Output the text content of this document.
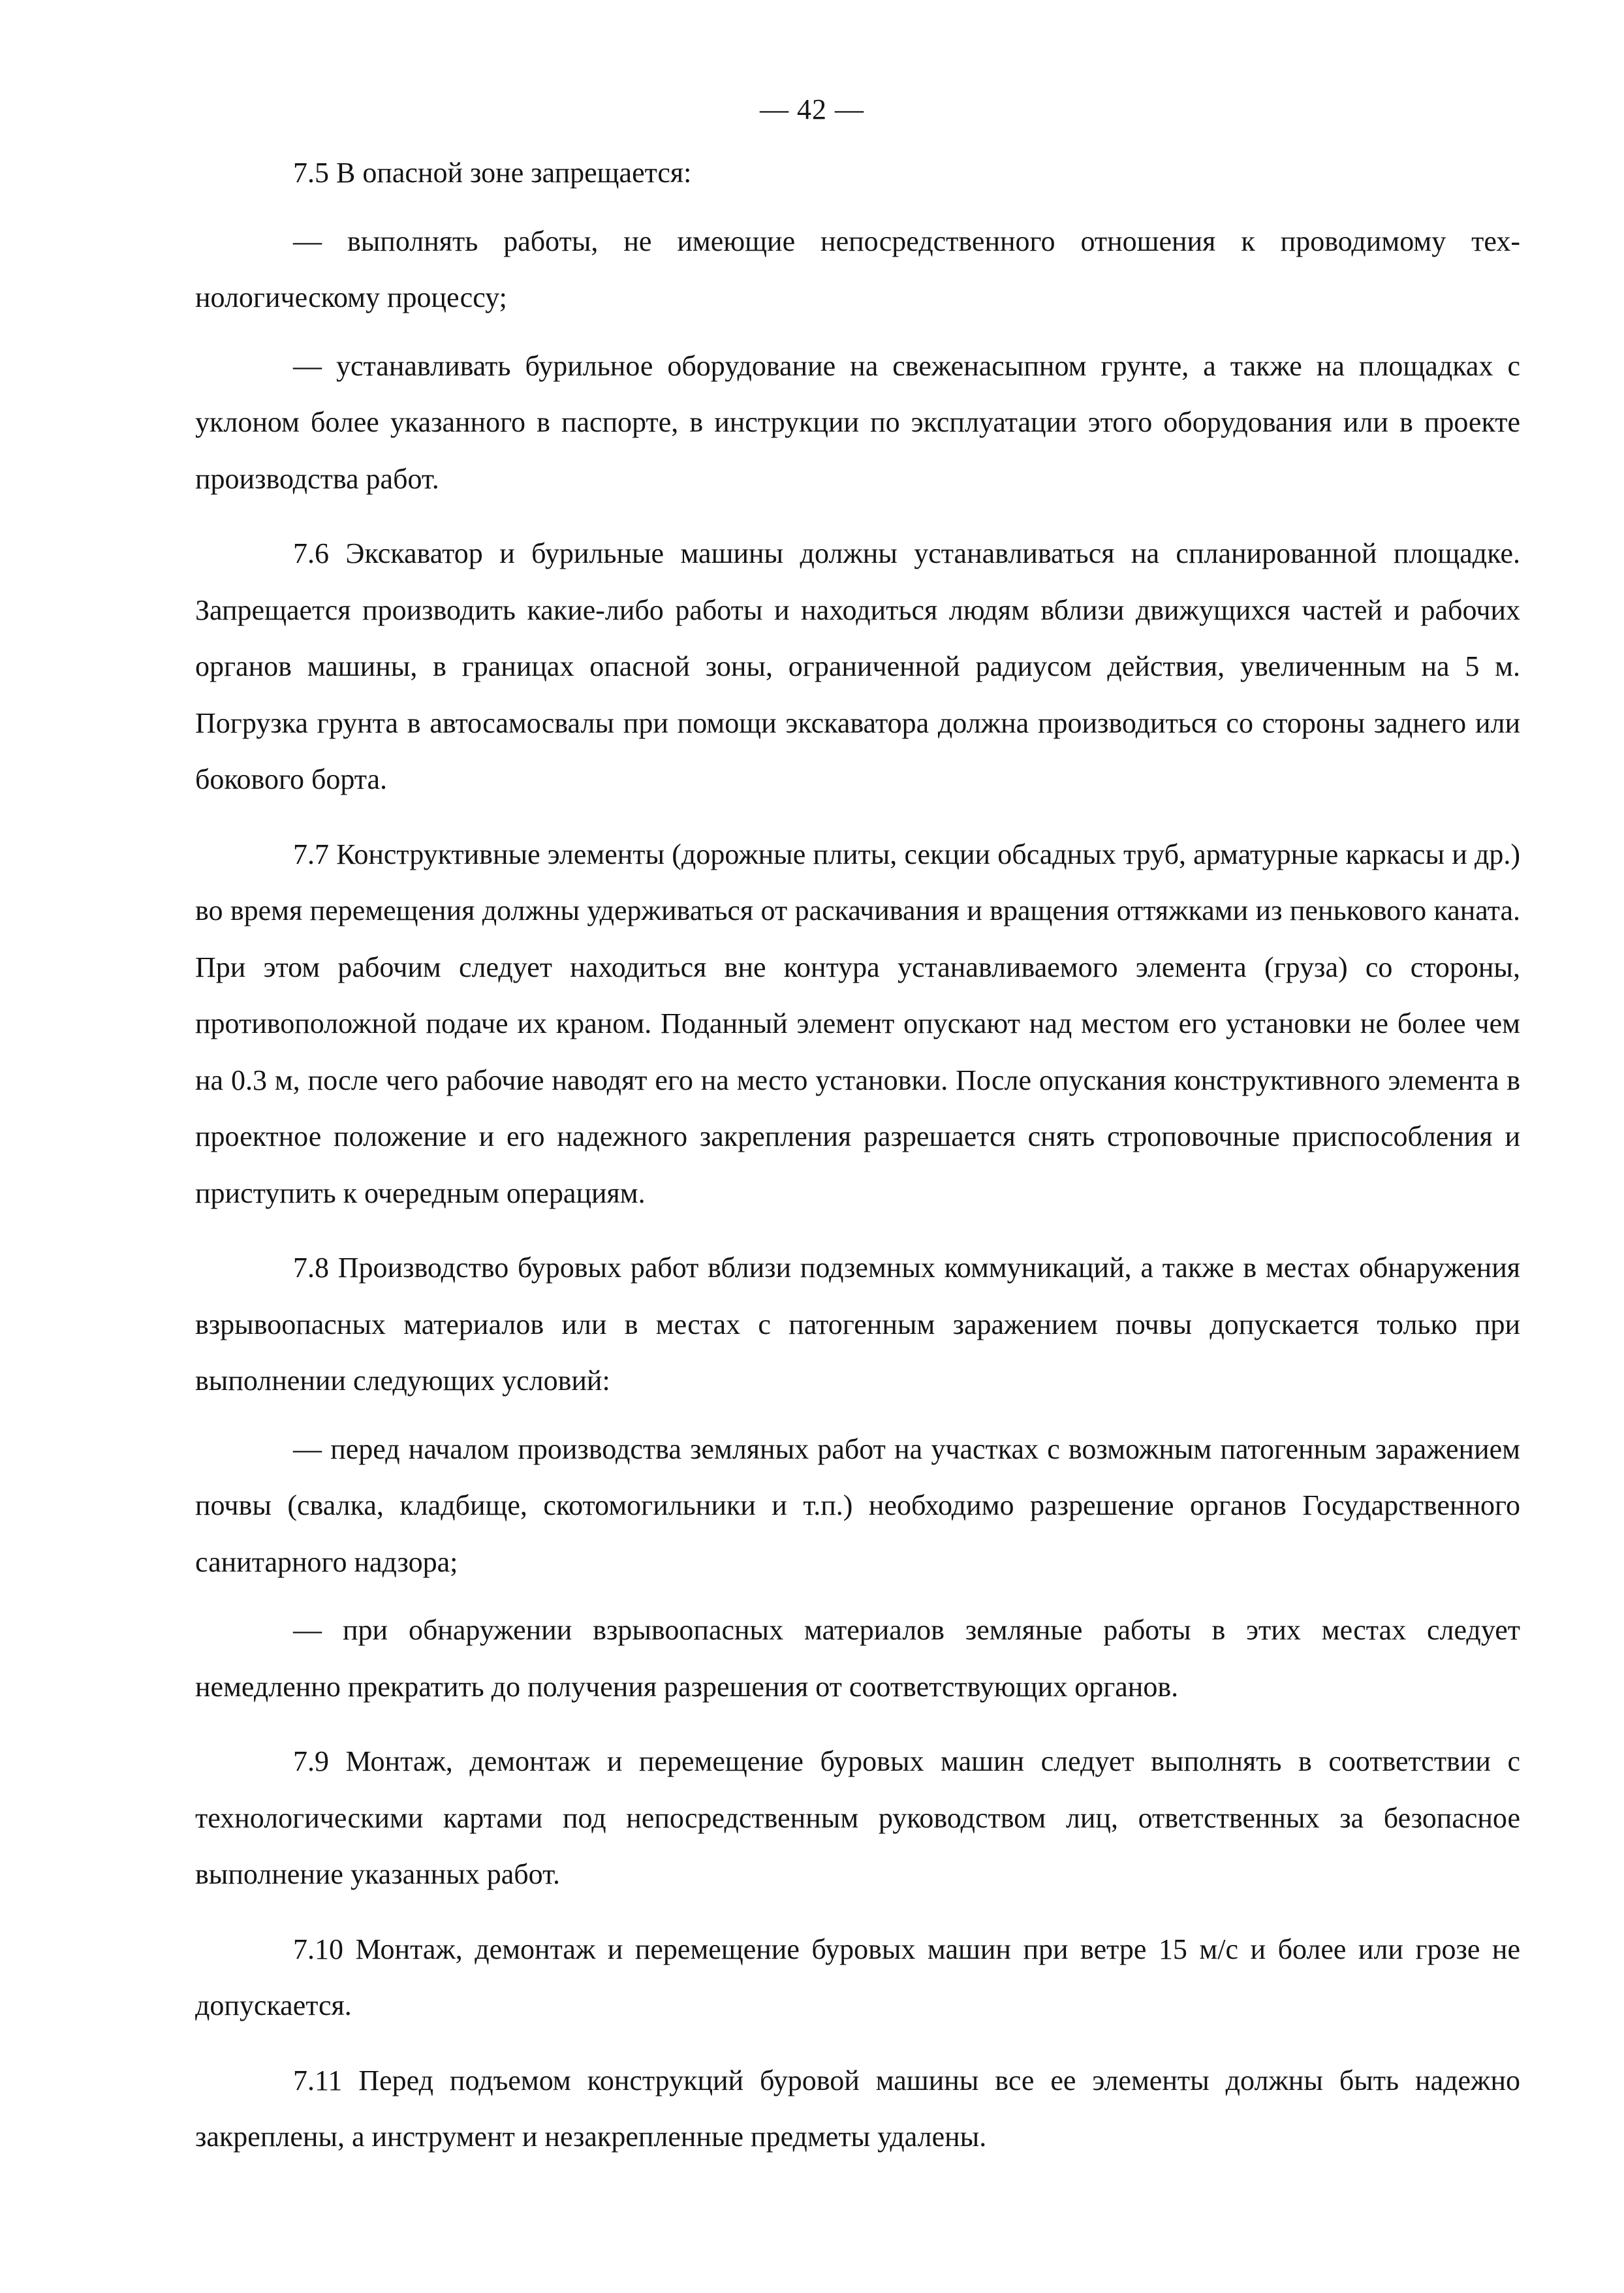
— 42 —

7.5 В опасной зоне запрещается:

— выполнять работы, не имеющие непосредственного отношения к проводимому технологическому процессу;

— устанавливать бурильное оборудование на свеженасыпном грунте, а также на площадках с уклоном более указанного в паспорте, в инструкции по эксплуатации этого оборудования или в проекте производства работ.

7.6 Экскаватор и бурильные машины должны устанавливаться на спланированной площадке. Запрещается производить какие-либо работы и находиться людям вблизи движущихся частей и рабочих органов машины, в границах опасной зоны, ограниченной радиусом действия, увеличенным на 5 м. Погрузка грунта в автосамосвалы при помощи экскаватора должна производиться со стороны заднего или бокового борта.

7.7 Конструктивные элементы (дорожные плиты, секции обсадных труб, арматурные каркасы и др.) во время перемещения должны удерживаться от раскачивания и вращения оттяжками из пенькового каната. При этом рабочим следует находиться вне контура устанавливаемого элемента (груза) со стороны, противоположной подаче их краном. Поданный элемент опускают над местом его установки не более чем на 0.3 м, после чего рабочие наводят его на место установки. После опускания конструктивного элемента в проектное положение и его надежного закрепления разрешается снять строповочные приспособления и приступить к очередным операциям.

7.8 Производство буровых работ вблизи подземных коммуникаций, а также в местах обнаружения взрывоопасных материалов или в местах с патогенным заражением почвы допускается только при выполнении следующих условий:

— перед началом производства земляных работ на участках с возможным патогенным заражением почвы (свалка, кладбище, скотомогильники и т.п.) необходимо разрешение органов Государственного санитарного надзора;

— при обнаружении взрывоопасных материалов земляные работы в этих местах следует немедленно прекратить до получения разрешения от соответствующих органов.

7.9 Монтаж, демонтаж и перемещение буровых машин следует выполнять в соответствии с технологическими картами под непосредственным руководством лиц, ответственных за безопасное выполнение указанных работ.

7.10 Монтаж, демонтаж и перемещение буровых машин при ветре 15 м/с и более или грозе не допускается.

7.11 Перед подъемом конструкций буровой машины все ее элементы должны быть надежно закреплены, а инструмент и незакрепленные предметы удалены.
